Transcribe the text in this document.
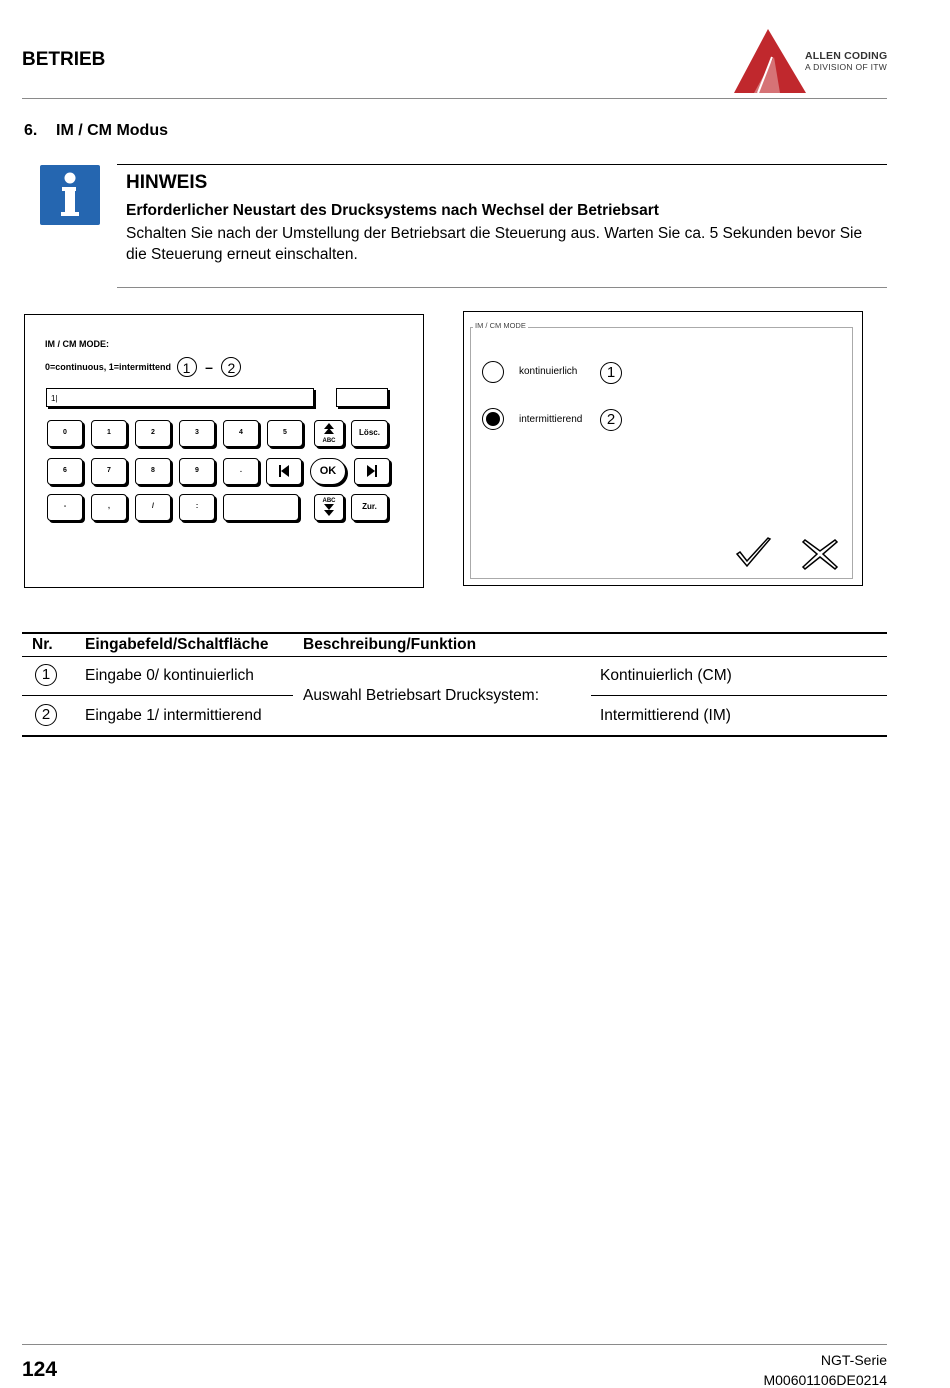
BETRIEB	ALLEN CODING
A DIVISION OF ITW
6. IM / CM Modus
HINWEIS
Erforderlicher Neustart des Drucksystems nach Wechsel der Betriebsart
Schalten Sie nach der Umstellung der Betriebsart die Steuerung aus. Warten Sie ca. 5 Sekunden bevor Sie die Steuerung erneut einschalten.
IM / CM MODE:
0=continuous, 1=intermittend 1 – 2
1|
0	1	2	3	4	5
ABC
Lösc.
6	7	8	9	.	OK
-	,	/	:
ABC
Zur.
IM / CM MODE
kontinuierlich	1
intermittierend	2
Nr. Eingabefeld/Schaltfläche Beschreibung/Funktion
1	Eingabe 0/ kontinuierlich	Kontinuierlich (CM)
Auswahl Betriebsart Drucksystem:
2	Eingabe 1/ intermittierend	Intermittierend (IM)
124	NGT-Serie
M00601106DE0214
